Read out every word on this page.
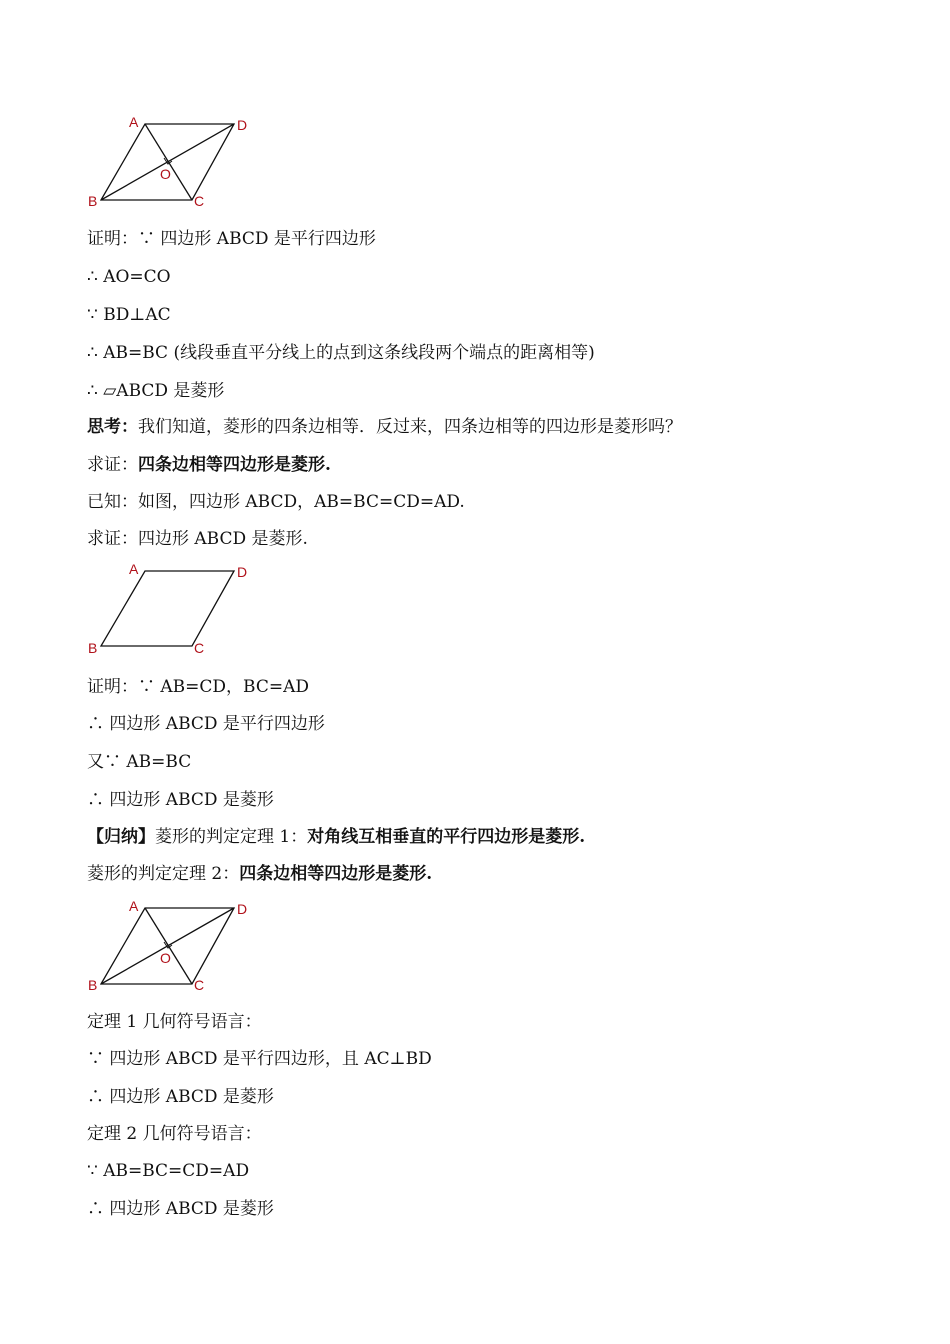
A	D
B	C
O
证明：∵ 四边形 ABCD 是平行四边形
∴ AO=CO
∵ BD⊥AC
∴ AB=BC (线段垂直平分线上的点到这条线段两个端点的距离相等)
∴ ▱ABCD 是菱形
思考：我们知道，菱形的四条边相等．反过来，四条边相等的四边形是菱形吗？
求证：四条边相等四边形是菱形.
已知：如图，四边形 ABCD，AB=BC=CD=AD.
求证：四边形 ABCD 是菱形.
A	D
B	C
证明：∵ AB=CD，BC=AD
∴ 四边形 ABCD 是平行四边形
又∵ AB=BC
∴ 四边形 ABCD 是菱形
【归纳】菱形的判定定理 1：对角线互相垂直的平行四边形是菱形.
菱形的判定定理 2：四条边相等四边形是菱形.
A	D
B	C
O
定理 1 几何符号语言：
∵ 四边形 ABCD 是平行四边形，且 AC⊥BD
∴ 四边形 ABCD 是菱形
定理 2 几何符号语言：
∵ AB=BC=CD=AD
∴ 四边形 ABCD 是菱形
